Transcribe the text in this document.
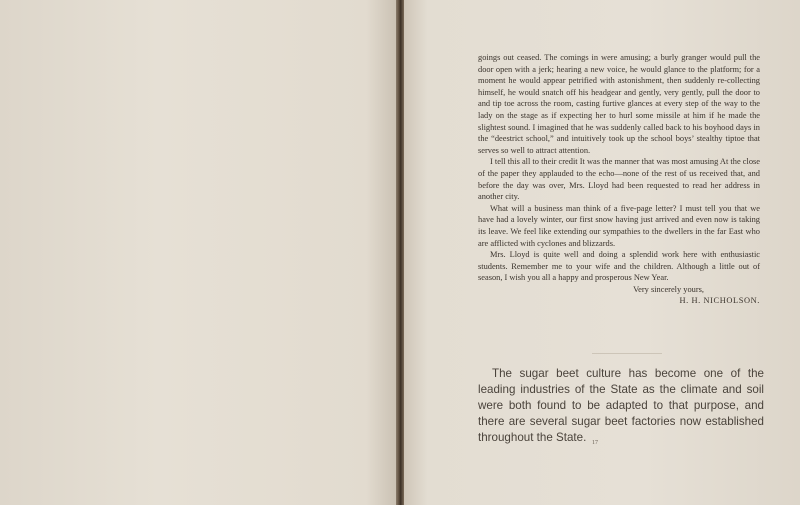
goings out ceased. The comings in were amusing; a burly granger would pull the door open with a jerk; hearing a new voice, he would glance to the platform; for a moment he would appear petrified with astonishment, then suddenly re-collecting himself, he would snatch off his headgear and gently, very gently, pull the door to and tip toe across the room, casting furtive glances at every step of the way to the lady on the stage as if expecting her to hurl some missile at him if he made the slightest sound. I imagined that he was suddenly called back to his boyhood days in the “deestrict school,” and intuitively took up the school boys’ stealthy tiptoe that serves so well to attract attention.

I tell this all to their credit It was the manner that was most amusing At the close of the paper they applauded to the echo—none of the rest of us received that, and before the day was over, Mrs. Lloyd had been requested to read her address in another city.

What will a business man think of a five-page letter? I must tell you that we have had a lovely winter, our first snow having just arrived and even now is taking its leave. We feel like extending our sympathies to the dwellers in the far East who are afflicted with cyclones and blizzards.

Mrs. Lloyd is quite well and doing a splendid work here with enthusiastic students. Remember me to your wife and the children. Although a little out of season, I wish you all a happy and prosperous New Year.

Very sincerely yours,

H. H. NICHOLSON.

The sugar beet culture has become one of the leading industries of the State as the climate and soil were both found to be adapted to that purpose, and there are several sugar beet factories now established throughout the State. 17
